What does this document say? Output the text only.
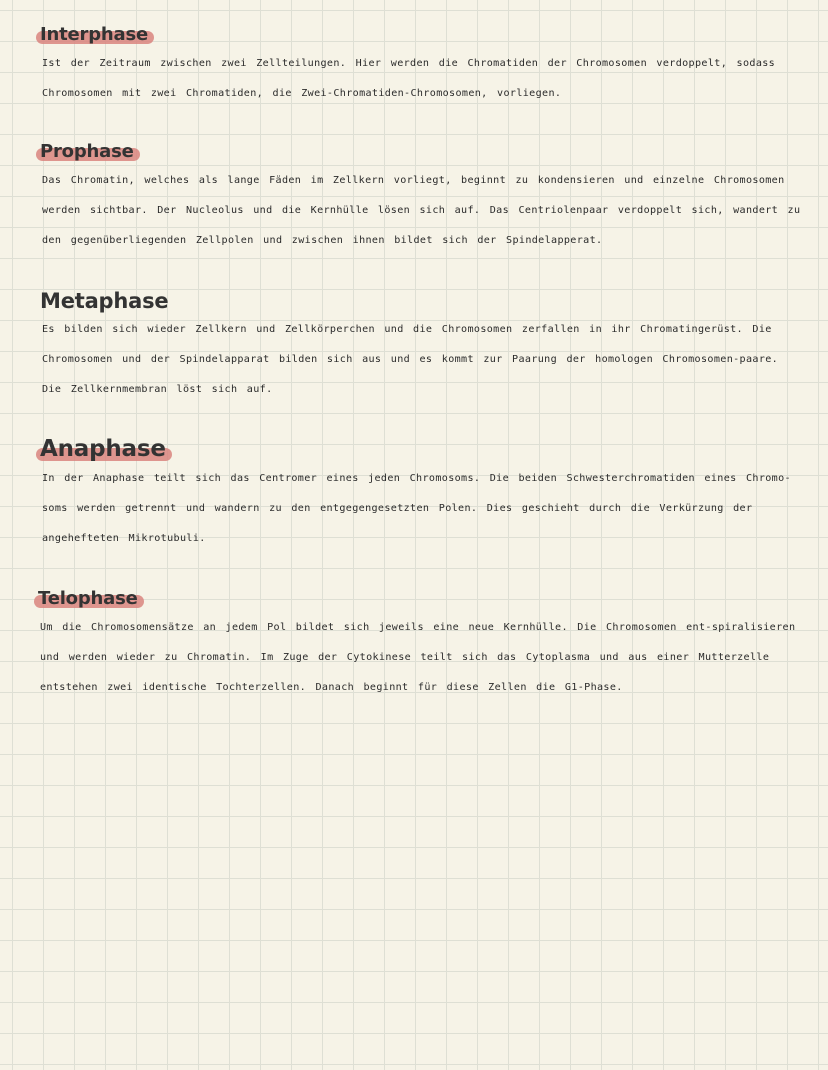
Interphase

Ist der Zeitraum zwischen zwei Zellteilungen. Hier werden die Chromatiden der Chromosomen verdoppelt, sodass Chromosomen mit zwei Chromatiden, die Zwei-Chromatiden-Chromosomen, vorliegen.

Prophase

Das Chromatin, welches als lange Fäden im Zellkern vorliegt, beginnt zu kondensieren und einzelne Chromosomen werden sichtbar. Der Nucleolus und die Kernhülle lösen sich auf. Das Centriolenpaar verdoppelt sich, wandert zu den gegenüberliegenden Zellpolen und zwischen ihnen bildet sich der Spindelapperat.

Metaphase

Es bilden sich wieder Zellkern und Zellkörperchen und die Chromosomen zerfallen in ihr Chromatingerüst. Die Chromosomen und der Spindelapparat bilden sich aus und es kommt zur Paarung der homologen Chromosomen-paare. Die Zellkernmembran löst sich auf.

Anaphase

In der Anaphase teilt sich das Centromer eines jeden Chromosoms. Die beiden Schwesterchromatiden eines Chromo-soms werden getrennt und wandern zu den entgegengesetzten Polen. Dies geschieht durch die Verkürzung der angehefteten Mikrotubuli.

Telophase

Um die Chromosomensätze an jedem Pol bildet sich jeweils eine neue Kernhülle. Die Chromosomen ent-spiralisieren und werden wieder zu Chromatin. Im Zuge der Cytokinese teilt sich das Cytoplasma und aus einer Mutterzelle entstehen zwei identische Tochterzellen. Danach beginnt für diese Zellen die G1-Phase.
